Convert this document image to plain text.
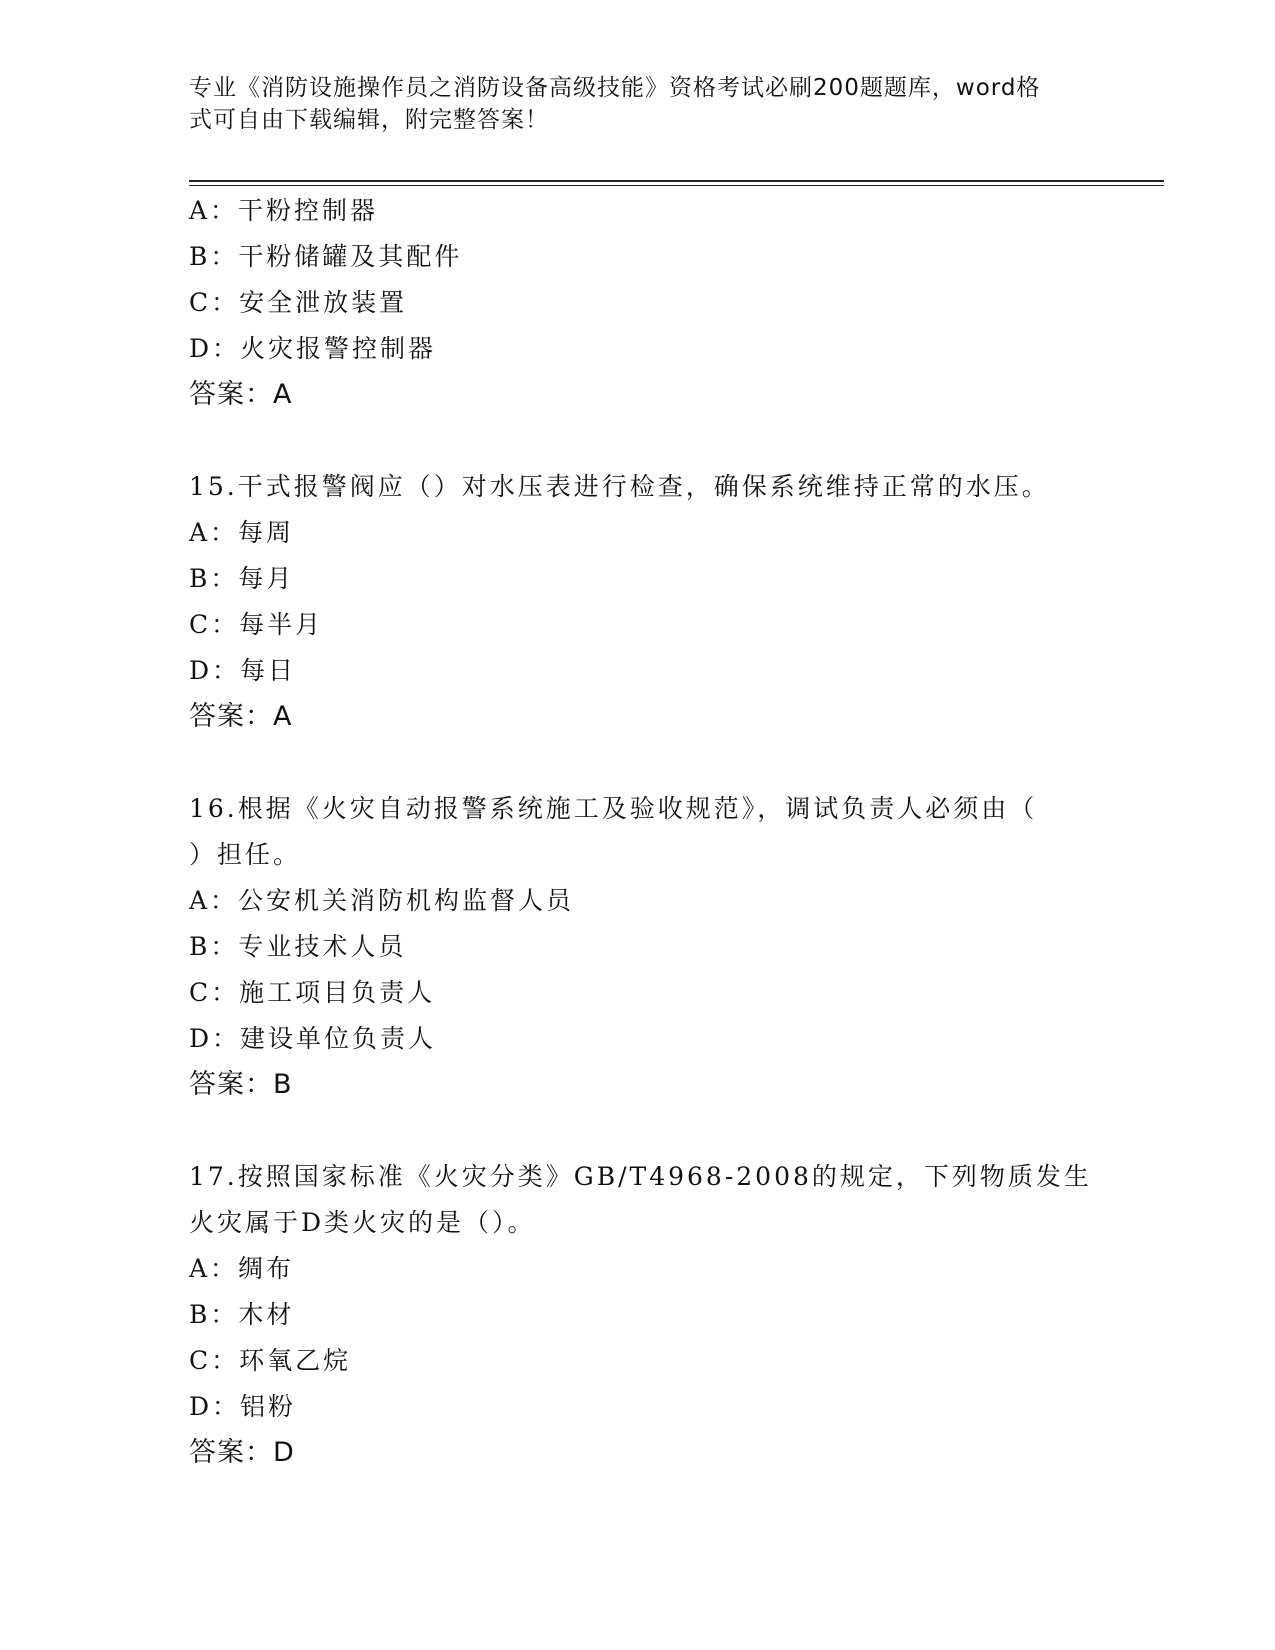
专业《消防设施操作员之消防设备高级技能》资格考试必刷200题题库，word格
式可自由下载编辑，附完整答案！
A：干粉控制器
B：干粉储罐及其配件
C：安全泄放装置
D：火灾报警控制器
答案：A
15.干式报警阀应（）对水压表进行检查，确保系统维持正常的水压。
A：每周
B：每月
C：每半月
D：每日
答案：A
16.根据《火灾自动报警系统施工及验收规范》，调试负责人必须由（
）担任。
A：公安机关消防机构监督人员
B：专业技术人员
C：施工项目负责人
D：建设单位负责人
答案：B
17.按照国家标准《火灾分类》GB/T4968-2008的规定，下列物质发生
火灾属于D类火灾的是（）。
A：绸布
B：木材
C：环氧乙烷
D：铝粉
答案：D
